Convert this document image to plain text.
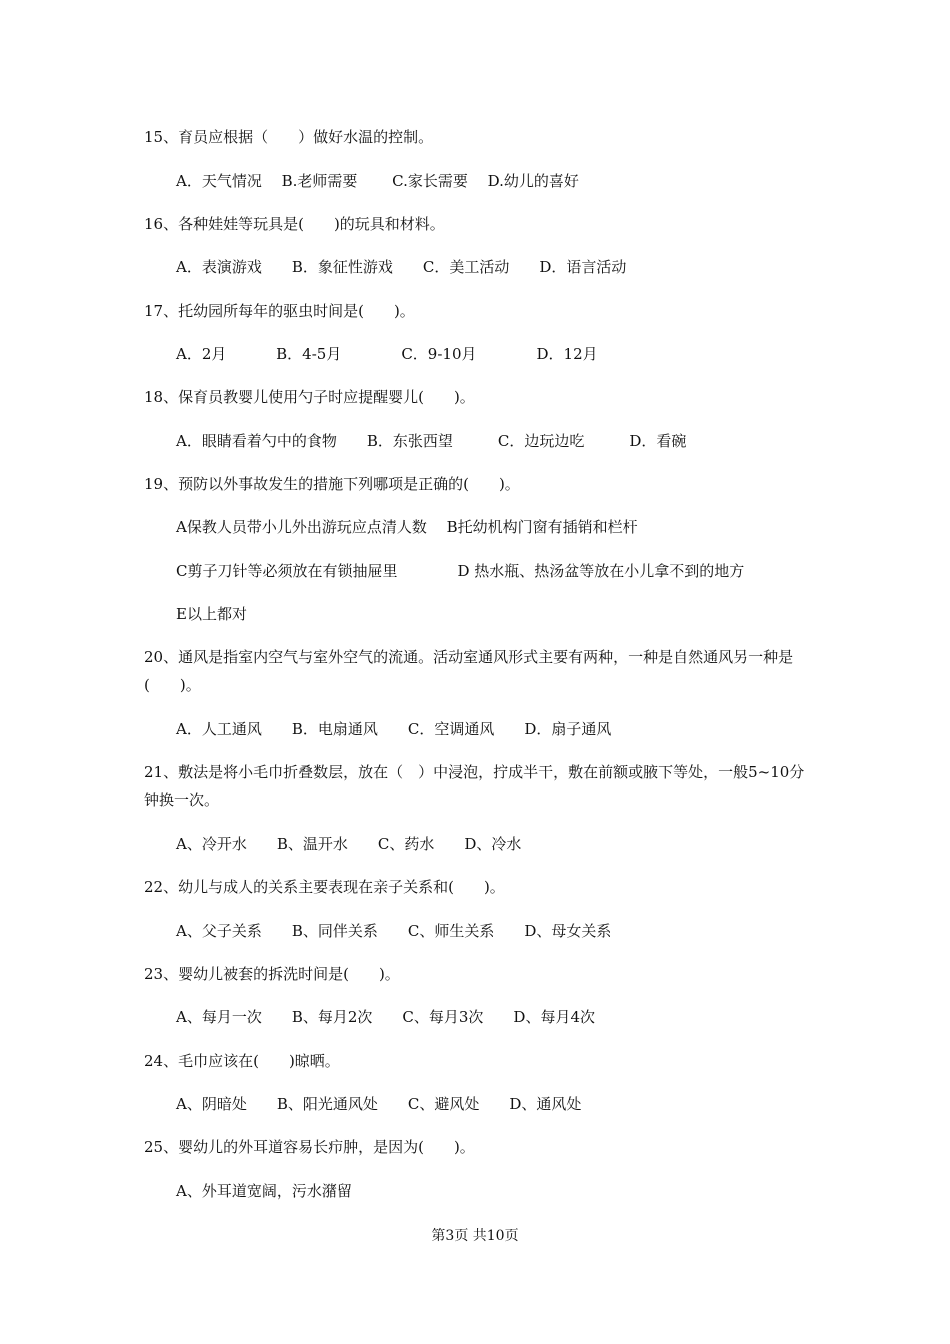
15、育员应根据（　　）做好水温的控制。
A．天气情况　 B.老师需要　　 C.家长需要　 D.幼儿的喜好
16、各种娃娃等玩具是(　　)的玩具和材料。
A．表演游戏　　B．象征性游戏　　C．美工活动　　D．语言活动
17、托幼园所每年的驱虫时间是(　　)。
A．2月　　　 B．4-5月　　　　C．9-10月　　　　D．12月
18、保育员教婴儿使用勺子时应提醒婴儿(　　)。
A．眼睛看着勺中的食物　　B．东张西望　　　C．边玩边吃　　　D．看碗
19、预防以外事故发生的措施下列哪项是正确的(　　)。
A保教人员带小儿外出游玩应点清人数　 B托幼机构门窗有插销和栏杆
C剪子刀针等必须放在有锁抽屉里　　　　D 热水瓶、热汤盆等放在小儿拿不到的地方
E以上都对
20、通风是指室内空气与室外空气的流通。活动室通风形式主要有两种，一种是自然通风另一种是(　　)。
A．人工通风　　B．电扇通风　　C．空调通风　　D．扇子通风
21、敷法是将小毛巾折叠数层，放在（　）中浸泡，拧成半干，敷在前额或腋下等处，一般5~10分钟换一次。
A、冷开水　　B、温开水　　C、药水　　D、冷水
22、幼儿与成人的关系主要表现在亲子关系和(　　)。
A、父子关系　　B、同伴关系　　C、师生关系　　D、母女关系
23、婴幼儿被套的拆洗时间是(　　)。
A、每月一次　　B、每月2次　　C、每月3次　　D、每月4次
24、毛巾应该在(　　)晾晒。
A、阴暗处　　B、阳光通风处　　C、避风处　　D、通风处
25、婴幼儿的外耳道容易长疖肿，是因为(　　)。
A、外耳道宽阔，污水潴留
第3页 共10页
